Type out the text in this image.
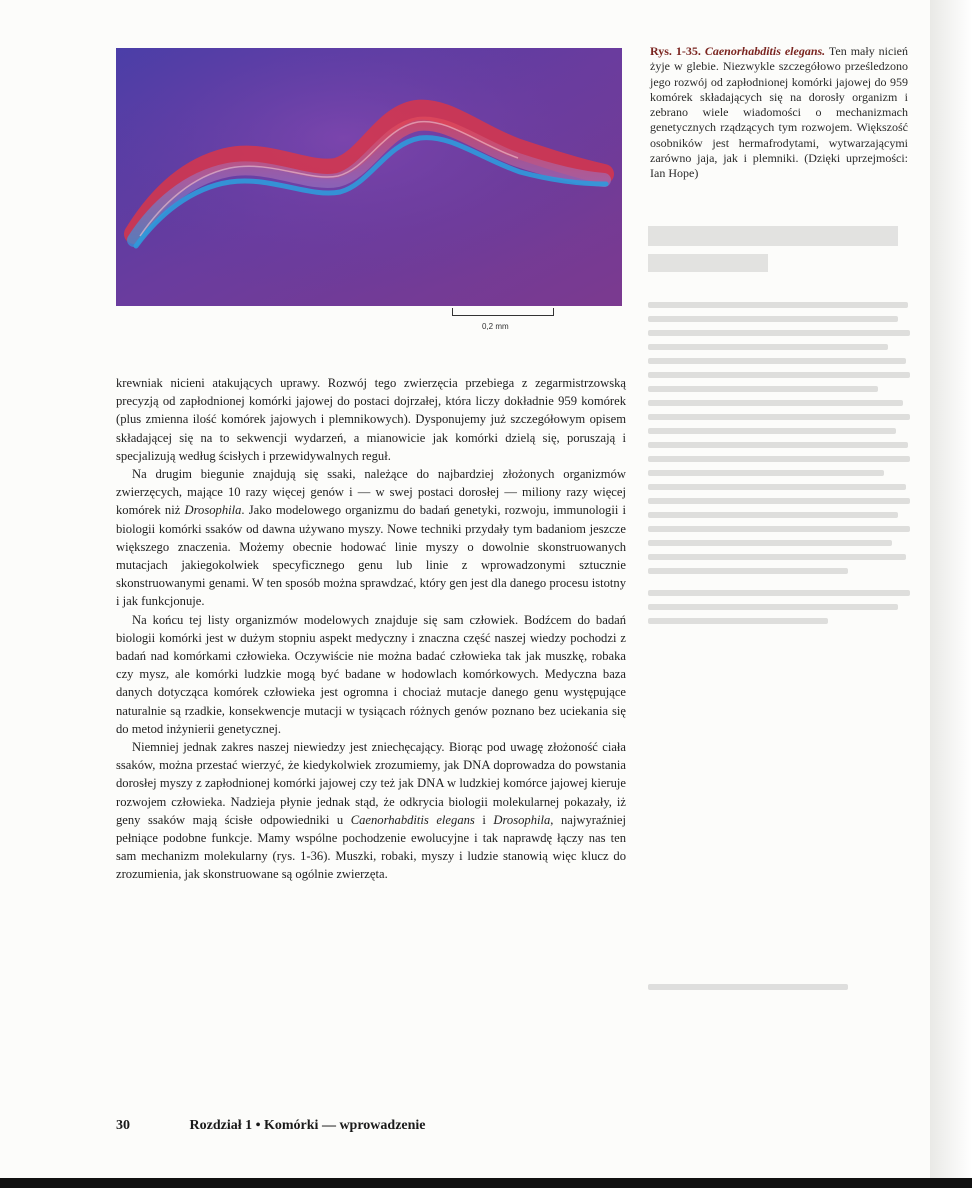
0,2 mm
Rys. 1-35. Caenorhabditis elegans. Ten mały nicień żyje w glebie. Niezwykle szczegółowo prześledzono jego rozwój od zapłodnionej komórki jajowej do 959 komórek składających się na dorosły organizm i zebrano wiele wiadomości o mechanizmach genetycznych rządzących tym rozwojem. Większość osobników jest hermafrodytami, wytwarzającymi zarówno jaja, jak i plemniki. (Dzięki uprzejmości: Ian Hope)

krewniak nicieni atakujących uprawy. Rozwój tego zwierzęcia przebiega z zegarmistrzowską precyzją od zapłodnionej komórki jajowej do postaci dojrzałej, która liczy dokładnie 959 komórek (plus zmienna ilość komórek jajowych i plemnikowych). Dysponujemy już szczegółowym opisem składającej się na to sekwencji wydarzeń, a mianowicie jak komórki dzielą się, poruszają i specjalizują według ścisłych i przewidywalnych reguł.

Na drugim biegunie znajdują się ssaki, należące do najbardziej złożonych organizmów zwierzęcych, mające 10 razy więcej genów i — w swej postaci dorosłej — miliony razy więcej komórek niż Drosophila. Jako modelowego organizmu do badań genetyki, rozwoju, immunologii i biologii komórki ssaków od dawna używano myszy. Nowe techniki przydały tym badaniom jeszcze większego znaczenia. Możemy obecnie hodować linie myszy o dowolnie skonstruowanych mutacjach jakiegokolwiek specyficznego genu lub linie z wprowadzonymi sztucznie skonstruowanymi genami. W ten sposób można sprawdzać, który gen jest dla danego procesu istotny i jak funkcjonuje.

Na końcu tej listy organizmów modelowych znajduje się sam człowiek. Bodźcem do badań biologii komórki jest w dużym stopniu aspekt medyczny i znaczna część naszej wiedzy pochodzi z badań nad komórkami człowieka. Oczywiście nie można badać człowieka tak jak muszkę, robaka czy mysz, ale komórki ludzkie mogą być badane w hodowlach komórkowych. Medyczna baza danych dotycząca komórek człowieka jest ogromna i chociaż mutacje danego genu występujące naturalnie są rzadkie, konsekwencje mutacji w tysiącach różnych genów poznano bez uciekania się do metod inżynierii genetycznej.

Niemniej jednak zakres naszej niewiedzy jest zniechęcający. Biorąc pod uwagę złożoność ciała ssaków, można przestać wierzyć, że kiedykolwiek zrozumiemy, jak DNA doprowadza do powstania dorosłej myszy z zapłodnionej komórki jajowej czy też jak DNA w ludzkiej komórce jajowej kieruje rozwojem człowieka. Nadzieja płynie jednak stąd, że odkrycia biologii molekularnej pokazały, iż geny ssaków mają ścisłe odpowiedniki u Caenorhabditis elegans i Drosophila, najwyraźniej pełniące podobne funkcje. Mamy wspólne pochodzenie ewolucyjne i tak naprawdę łączy nas ten sam mechanizm molekularny (rys. 1-36). Muszki, robaki, myszy i ludzie stanowią więc klucz do zrozumienia, jak skonstruowane są ogólnie zwierzęta.

30	Rozdział 1 • Komórki — wprowadzenie
